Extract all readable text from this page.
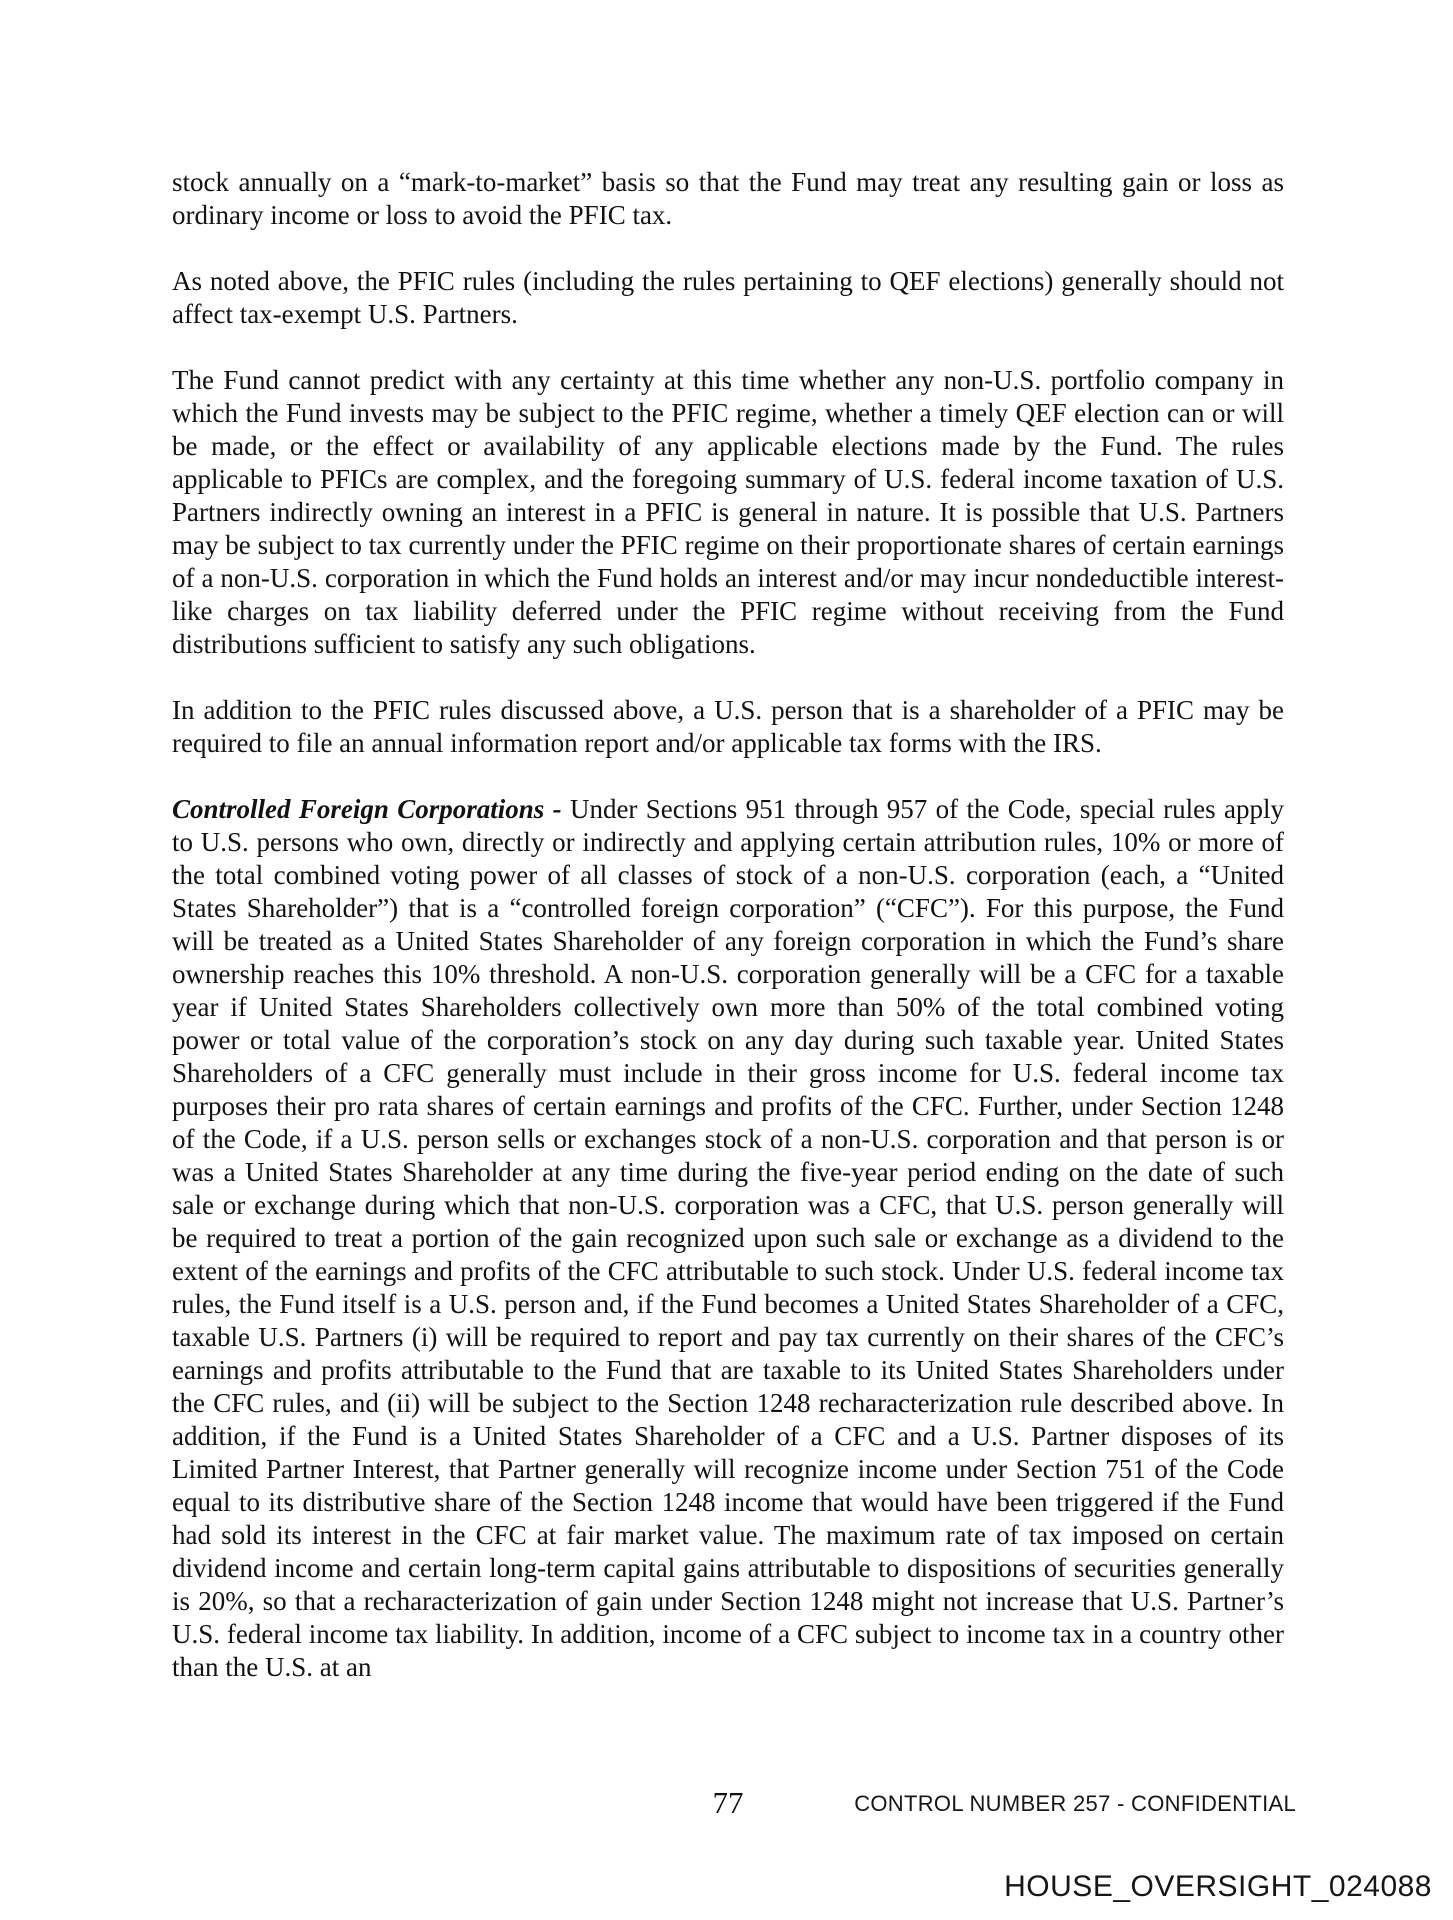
stock annually on a “mark-to-market” basis so that the Fund may treat any resulting gain or loss as ordinary income or loss to avoid the PFIC tax.

As noted above, the PFIC rules (including the rules pertaining to QEF elections) generally should not affect tax-exempt U.S. Partners.

The Fund cannot predict with any certainty at this time whether any non-U.S. portfolio company in which the Fund invests may be subject to the PFIC regime, whether a timely QEF election can or will be made, or the effect or availability of any applicable elections made by the Fund. The rules applicable to PFICs are complex, and the foregoing summary of U.S. federal income taxation of U.S. Partners indirectly owning an interest in a PFIC is general in nature. It is possible that U.S. Partners may be subject to tax currently under the PFIC regime on their proportionate shares of certain earnings of a non-U.S. corporation in which the Fund holds an interest and/or may incur nondeductible interest-like charges on tax liability deferred under the PFIC regime without receiving from the Fund distributions sufficient to satisfy any such obligations.

In addition to the PFIC rules discussed above, a U.S. person that is a shareholder of a PFIC may be required to file an annual information report and/or applicable tax forms with the IRS.

Controlled Foreign Corporations - Under Sections 951 through 957 of the Code, special rules apply to U.S. persons who own, directly or indirectly and applying certain attribution rules, 10% or more of the total combined voting power of all classes of stock of a non-U.S. corporation (each, a “United States Shareholder”) that is a “controlled foreign corporation” (“CFC”). For this purpose, the Fund will be treated as a United States Shareholder of any foreign corporation in which the Fund’s share ownership reaches this 10% threshold. A non-U.S. corporation generally will be a CFC for a taxable year if United States Shareholders collectively own more than 50% of the total combined voting power or total value of the corporation’s stock on any day during such taxable year. United States Shareholders of a CFC generally must include in their gross income for U.S. federal income tax purposes their pro rata shares of certain earnings and profits of the CFC. Further, under Section 1248 of the Code, if a U.S. person sells or exchanges stock of a non-U.S. corporation and that person is or was a United States Shareholder at any time during the five-year period ending on the date of such sale or exchange during which that non-U.S. corporation was a CFC, that U.S. person generally will be required to treat a portion of the gain recognized upon such sale or exchange as a dividend to the extent of the earnings and profits of the CFC attributable to such stock. Under U.S. federal income tax rules, the Fund itself is a U.S. person and, if the Fund becomes a United States Shareholder of a CFC, taxable U.S. Partners (i) will be required to report and pay tax currently on their shares of the CFC’s earnings and profits attributable to the Fund that are taxable to its United States Shareholders under the CFC rules, and (ii) will be subject to the Section 1248 recharacterization rule described above. In addition, if the Fund is a United States Shareholder of a CFC and a U.S. Partner disposes of its Limited Partner Interest, that Partner generally will recognize income under Section 751 of the Code equal to its distributive share of the Section 1248 income that would have been triggered if the Fund had sold its interest in the CFC at fair market value. The maximum rate of tax imposed on certain dividend income and certain long-term capital gains attributable to dispositions of securities generally is 20%, so that a recharacterization of gain under Section 1248 might not increase that U.S. Partner’s U.S. federal income tax liability. In addition, income of a CFC subject to income tax in a country other than the U.S. at an

77	CONTROL NUMBER 257 - CONFIDENTIAL
HOUSE_OVERSIGHT_024088
